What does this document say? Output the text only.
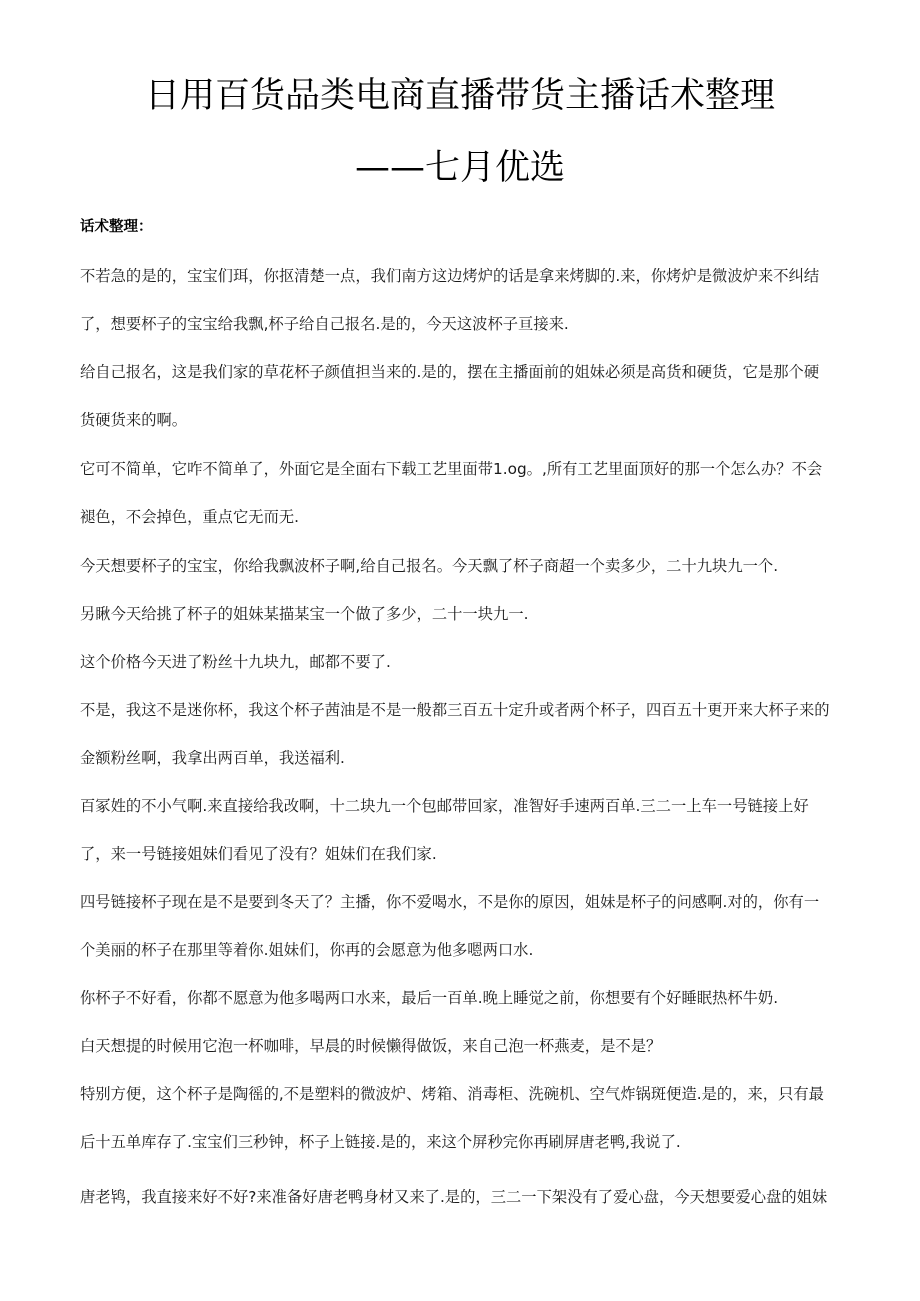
日用百货品类电商直播带货主播话术整理
——七月优选
话术整理：
不若急的是的，宝宝们珥，你抠清楚一点，我们南方这边烤炉的话是拿来烤脚的.来，你烤炉是微波炉来不纠结
了，想要杯子的宝宝给我飘,杯子给自己报名.是的，今天这波杯子亘接来.
给自己报名，这是我们家的草花杯子颜值担当来的.是的，摆在主播面前的姐妹必须是高货和硬货，它是那个硬
货硬货来的啊。
它可不简单，它咋不简单了，外面它是全面右下载工艺里面带1.og。,所有工艺里面顶好的那一个怎么办？不会
褪色，不会掉色，重点它无而无.
今天想要杯子的宝宝，你给我飘波杯子啊,给自己报名。今天飘了杯子商超一个卖多少，二十九块九一个.
另瞅今天给挑了杯子的姐妹某描某宝一个做了多少，二十一块九一.
这个价格今天进了粉丝十九块九，邮都不要了.
不是，我这不是迷你杯，我这个杯子茜油是不是一般都三百五十定升或者两个杯子，四百五十更开来大杯子来的
金额粉丝啊，我拿出两百单，我送福利.
百冢姓的不小气啊.来直接给我改啊，十二块九一个包邮带回家，准智好手速两百单.三二一上车一号链接上好
了，来一号链接姐妹们看见了没有？姐妹们在我们家.
四号链接杯子现在是不是要到冬天了？主播，你不爱喝水，不是你的原因，姐妹是杯子的问感啊.对的，你有一
个美丽的杯子在那里等着你.姐妹们，你再的会愿意为他多嗯两口水.
你杯子不好看，你都不愿意为他多喝两口水来，最后一百单.晚上睡觉之前，你想要有个好睡眠热杯牛奶.
白天想提的时候用它泡一杯咖啡，早晨的时候懒得做饭，来自己泡一杯燕麦，是不是？
特别方便，这个杯子是陶徭的,不是塑料的微波炉、烤箱、消毒柜、洗碗机、空气炸锅斑便造.是的，来，只有最
后十五单库存了.宝宝们三秒钟，杯子上链接.是的，来这个屏秒完你再刷屏唐老鸭,我说了.
唐老鸨，我直接来好不好?来准备好唐老鸭身材又来了.是的，三二一下架没有了爱心盘，今天想要爱心盘的姐妹
